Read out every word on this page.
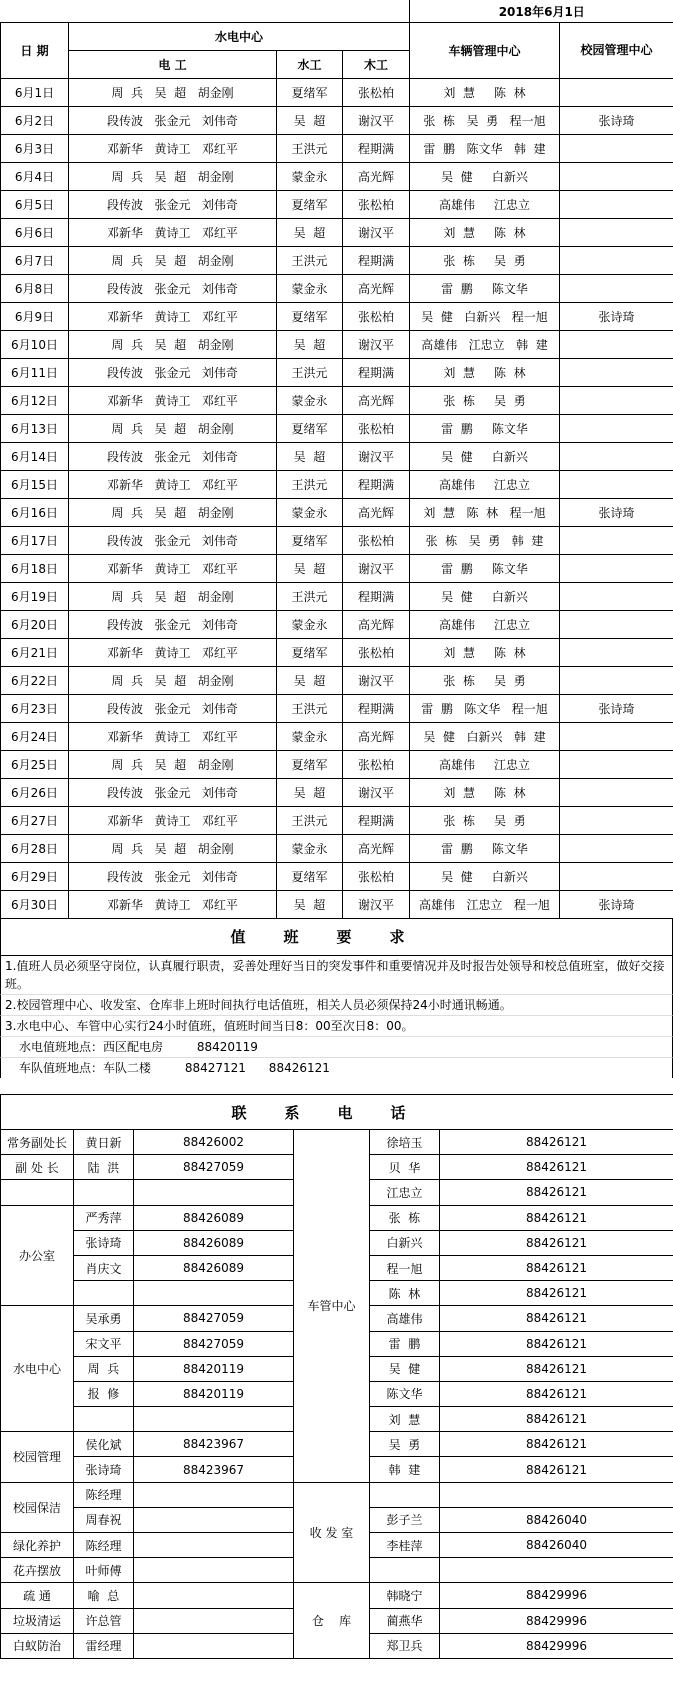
				2018年6月1日	
日 期	水电中心			车辆管理中心	校园管理中心
	电 工	水工	木工		
6月1日	周  兵   吴  超   胡金刚	夏绪军	张松柏	刘  慧     陈  林	
6月2日	段传波   张金元   刘伟奇	吴  超	谢汉平	张  栋   吴  勇   程一旭	张诗琦
6月3日	邓新华   黄诗工   邓红平	王洪元	程期满	雷  鹏   陈文华   韩  建	
6月4日	周  兵   吴  超   胡金刚	蒙金永	高光辉	吴  健     白新兴	
6月5日	段传波   张金元   刘伟奇	夏绪军	张松柏	高雄伟     江忠立	
6月6日	邓新华   黄诗工   邓红平	吴  超	谢汉平	刘  慧     陈  林	
6月7日	周  兵   吴  超   胡金刚	王洪元	程期满	张  栋     吴  勇	
6月8日	段传波   张金元   刘伟奇	蒙金永	高光辉	雷  鹏     陈文华	
6月9日	邓新华   黄诗工   邓红平	夏绪军	张松柏	吴  健   白新兴   程一旭	张诗琦
6月10日	周  兵   吴  超   胡金刚	吴  超	谢汉平	高雄伟   江忠立   韩  建	
6月11日	段传波   张金元   刘伟奇	王洪元	程期满	刘  慧     陈  林	
6月12日	邓新华   黄诗工   邓红平	蒙金永	高光辉	张  栋     吴  勇	
6月13日	周  兵   吴  超   胡金刚	夏绪军	张松柏	雷  鹏     陈文华	
6月14日	段传波   张金元   刘伟奇	吴  超	谢汉平	吴  健     白新兴	
6月15日	邓新华   黄诗工   邓红平	王洪元	程期满	高雄伟     江忠立	
6月16日	周  兵   吴  超   胡金刚	蒙金永	高光辉	刘  慧   陈  林   程一旭	张诗琦
6月17日	段传波   张金元   刘伟奇	夏绪军	张松柏	张  栋   吴  勇   韩  建	
6月18日	邓新华   黄诗工   邓红平	吴  超	谢汉平	雷  鹏     陈文华	
6月19日	周  兵   吴  超   胡金刚	王洪元	程期满	吴  健     白新兴	
6月20日	段传波   张金元   刘伟奇	蒙金永	高光辉	高雄伟     江忠立	
6月21日	邓新华   黄诗工   邓红平	夏绪军	张松柏	刘  慧     陈  林	
6月22日	周  兵   吴  超   胡金刚	吴  超	谢汉平	张  栋     吴  勇	
6月23日	段传波   张金元   刘伟奇	王洪元	程期满	雷  鹏   陈文华   程一旭	张诗琦
6月24日	邓新华   黄诗工   邓红平	蒙金永	高光辉	吴  健   白新兴   韩  建	
6月25日	周  兵   吴  超   胡金刚	夏绪军	张松柏	高雄伟     江忠立	
6月26日	段传波   张金元   刘伟奇	吴  超	谢汉平	刘  慧     陈  林	
6月27日	邓新华   黄诗工   邓红平	王洪元	程期满	张  栋     吴  勇	
6月28日	周  兵   吴  超   胡金刚	蒙金永	高光辉	雷  鹏     陈文华	
6月29日	段传波   张金元   刘伟奇	夏绪军	张松柏	吴  健     白新兴	
6月30日	邓新华   黄诗工   邓红平	吴  超	谢汉平	高雄伟   江忠立   程一旭	张诗琦
值班要求
1.值班人员必须坚守岗位，认真履行职责，妥善处理好当日的突发事件和重要情况并及时报告处领导和校总值班室，做好交接班。
2.校园管理中心、收发室、仓库非上班时间执行电话值班，相关人员必须保持24小时通讯畅通。
3.水电中心、车管中心实行24小时值班，值班时间当日8：00至次日8：00。
水电值班地点：西区配电房	88420119
车队值班地点：车队二楼	88427121      88426121
联系电话
常务副处长	黄日新	88426002	车管中心	徐培玉	88426121
副 处 长	陆  洪	88427059		贝  华	88426121
				江忠立	88426121
办公室	严秀萍	88426089		张  栋	88426121
	张诗琦	88426089		白新兴	88426121
	肖庆文	88426089		程一旭	88426121
				陈  林	88426121
水电中心	吴承勇	88427059		高雄伟	88426121
	宋文平	88427059		雷  鹏	88426121
	周  兵	88420119		吴  健	88426121
	报  修	88420119		陈文华	88426121
				刘  慧	88426121
校园管理	侯化斌	88423967		吴  勇	88426121
	张诗琦	88423967		韩  建	88426121
校园保洁	陈经理		收 发 室		
	周春祝			彭子兰	88426040
绿化养护	陈经理			李桂萍	88426040
花卉摆放	叶师傅				
疏 通	喻  总		仓    库	韩晓宁	88429996
垃圾清运	许总管			蔺燕华	88429996
白蚁防治	雷经理			郑卫兵	88429996
